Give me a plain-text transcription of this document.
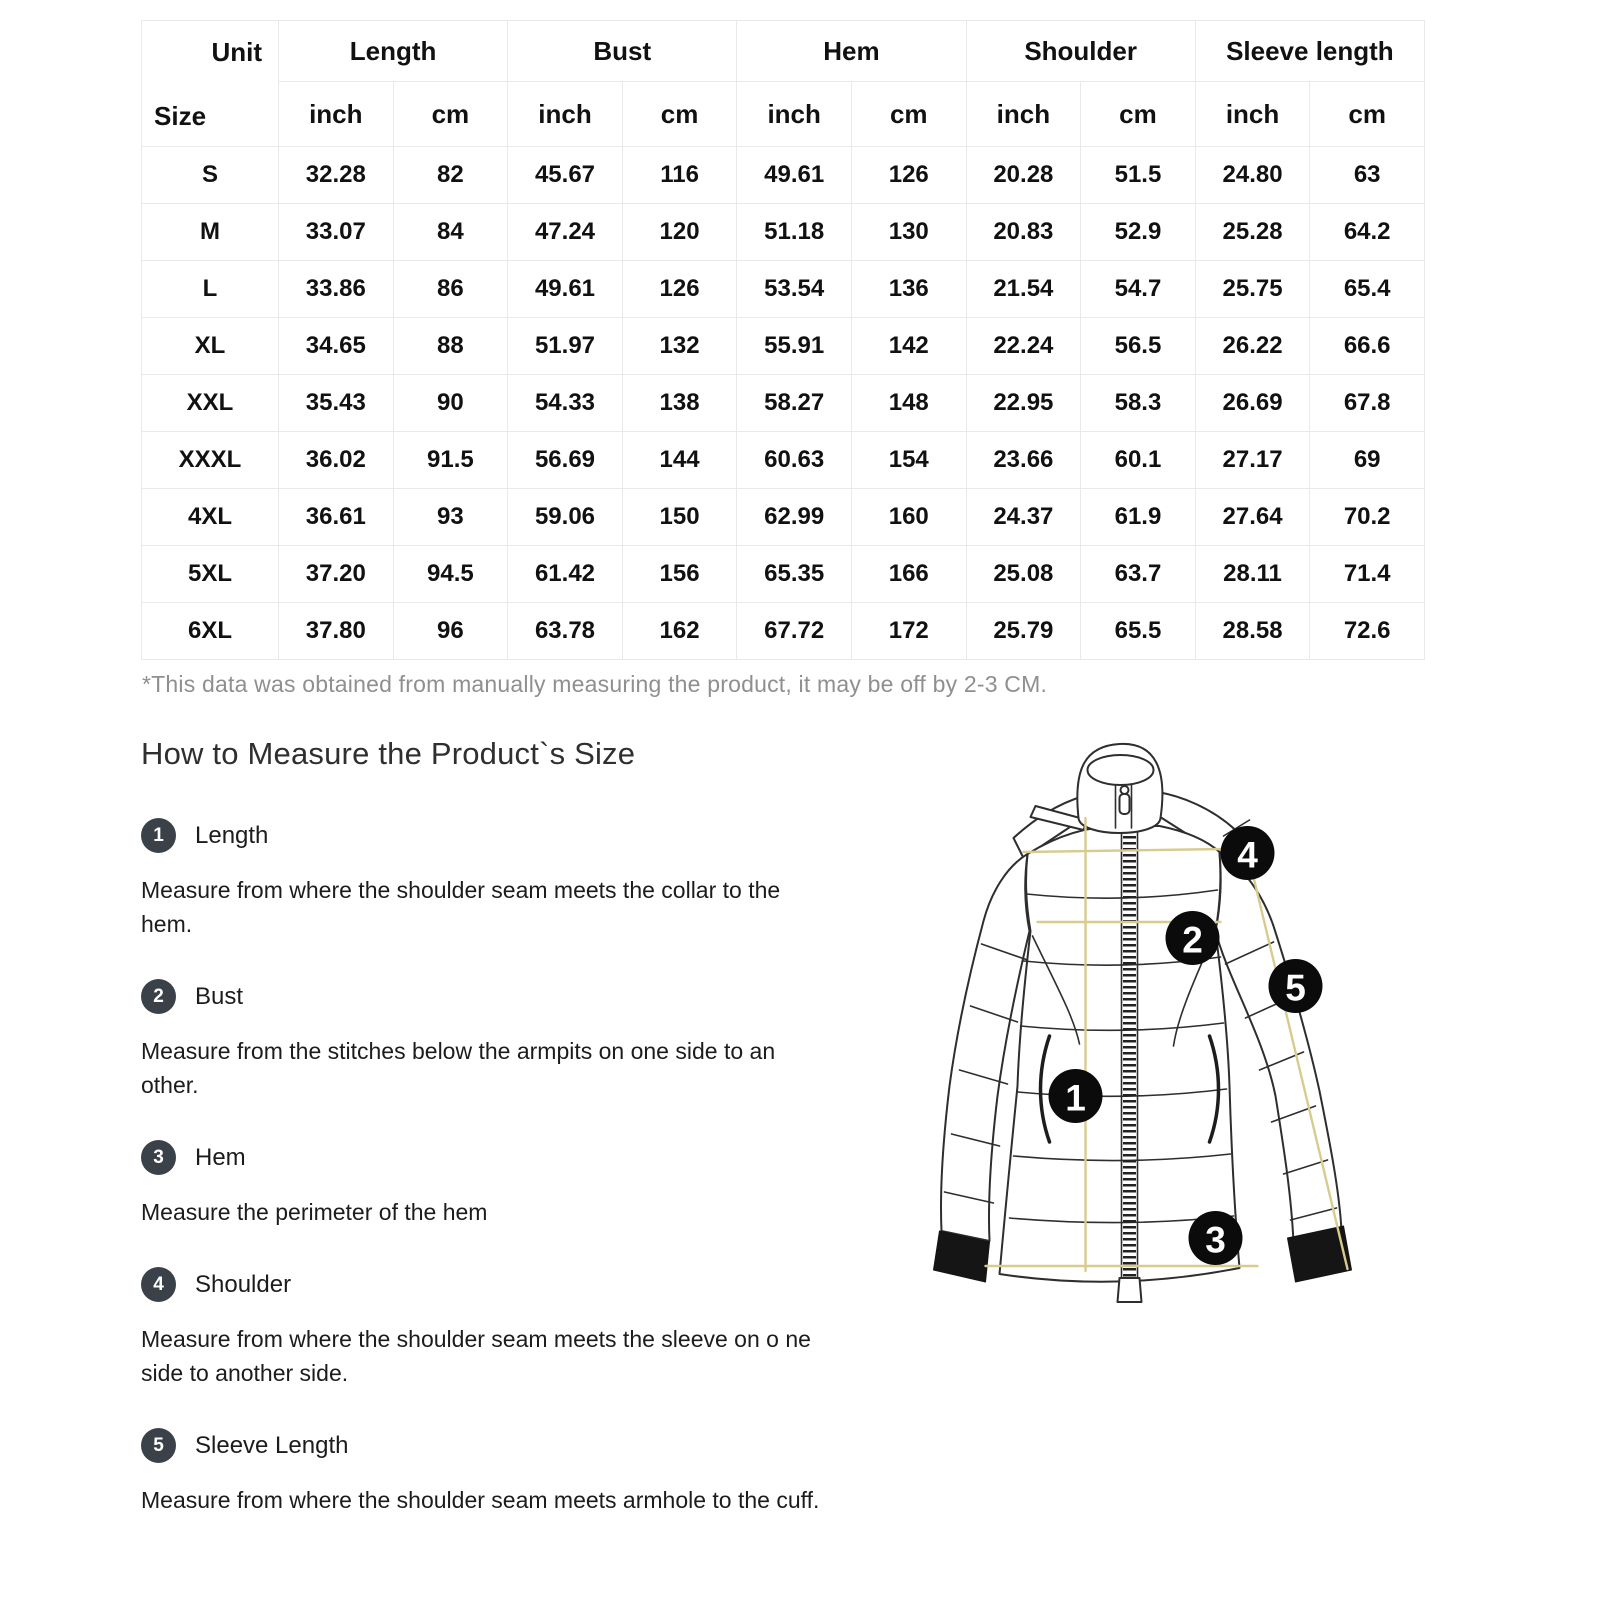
Unit
Size	Length		Bust		Hem		Shoulder		Sleeve length	
	inch	cm	inch	cm	inch	cm	inch	cm	inch	cm
S	32.28	82	45.67	116	49.61	126	20.28	51.5	24.80	63
M	33.07	84	47.24	120	51.18	130	20.83	52.9	25.28	64.2
L	33.86	86	49.61	126	53.54	136	21.54	54.7	25.75	65.4
XL	34.65	88	51.97	132	55.91	142	22.24	56.5	26.22	66.6
XXL	35.43	90	54.33	138	58.27	148	22.95	58.3	26.69	67.8
XXXL	36.02	91.5	56.69	144	60.63	154	23.66	60.1	27.17	69
4XL	36.61	93	59.06	150	62.99	160	24.37	61.9	27.64	70.2
5XL	37.20	94.5	61.42	156	65.35	166	25.08	63.7	28.11	71.4
6XL	37.80	96	63.78	162	67.72	172	25.79	65.5	28.58	72.6

*This data was obtained from manually measuring the product, it may be off by 2-3 CM.

How to Measure the Product`s Size
1	Length

Measure from where the shoulder seam meets the collar to the hem.

2	Bust

Measure from the stitches below the armpits on one side to an other.

3	Hem

Measure the perimeter of the hem

4	Shoulder

Measure from where the shoulder seam meets the sleeve on o ne side to another side.

5	Sleeve Length

Measure from where the shoulder seam meets armhole to the cuff.

4
2
5
1
3
